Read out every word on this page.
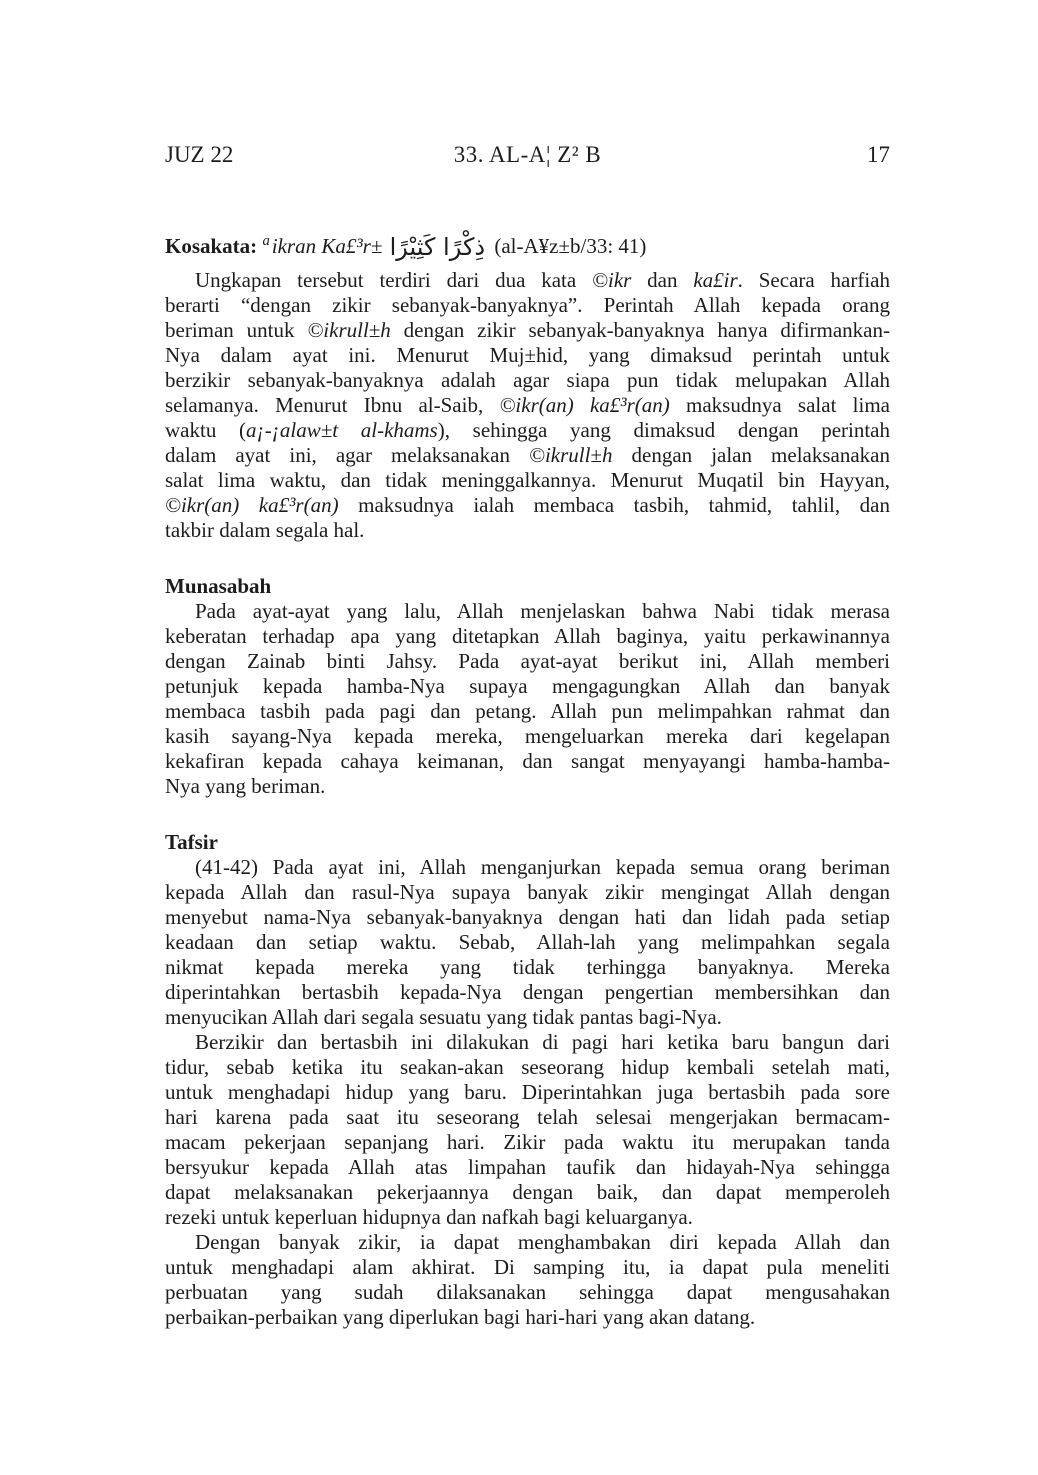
JUZ 22	33. AL-A¦ Z² B	17
Kosakata: $^a$ikran Ka£³r± ذِكْرًا كَثِيْرًا (al-A¥z±b/33: 41)
Ungkapan tersebut terdiri dari dua kata ©ikr dan ka£ir. Secara harfiah
berarti “dengan zikir sebanyak-banyaknya”. Perintah Allah kepada orang
beriman untuk ©ikrull±h dengan zikir sebanyak-banyaknya hanya difirmankan-
Nya dalam ayat ini. Menurut Muj±hid, yang dimaksud perintah untuk
berzikir sebanyak-banyaknya adalah agar siapa pun tidak melupakan Allah
selamanya. Menurut Ibnu al-Saib, ©ikr(an) ka£³r(an) maksudnya salat lima
waktu (a¡-¡alaw±t al-khams), sehingga yang dimaksud dengan perintah
dalam ayat ini, agar melaksanakan ©ikrull±h dengan jalan melaksanakan
salat lima waktu, dan tidak meninggalkannya. Menurut Muqatil bin Hayyan,
©ikr(an) ka£³r(an) maksudnya ialah membaca tasbih, tahmid, tahlil, dan
takbir dalam segala hal.
Munasabah
Pada ayat-ayat yang lalu, Allah menjelaskan bahwa Nabi tidak merasa
keberatan terhadap apa yang ditetapkan Allah baginya, yaitu perkawinannya
dengan Zainab binti Jahsy. Pada ayat-ayat berikut ini, Allah memberi
petunjuk kepada hamba-Nya supaya mengagungkan Allah dan banyak
membaca tasbih pada pagi dan petang. Allah pun melimpahkan rahmat dan
kasih sayang-Nya kepada mereka, mengeluarkan mereka dari kegelapan
kekafiran kepada cahaya keimanan, dan sangat menyayangi hamba-hamba-
Nya yang beriman.
Tafsir
(41-42) Pada ayat ini, Allah menganjurkan kepada semua orang beriman
kepada Allah dan rasul-Nya supaya banyak zikir mengingat Allah dengan
menyebut nama-Nya sebanyak-banyaknya dengan hati dan lidah pada setiap
keadaan dan setiap waktu. Sebab, Allah-lah yang melimpahkan segala
nikmat kepada mereka yang tidak terhingga banyaknya. Mereka
diperintahkan bertasbih kepada-Nya dengan pengertian membersihkan dan
menyucikan Allah dari segala sesuatu yang tidak pantas bagi-Nya.
Berzikir dan bertasbih ini dilakukan di pagi hari ketika baru bangun dari
tidur, sebab ketika itu seakan-akan seseorang hidup kembali setelah mati,
untuk menghadapi hidup yang baru. Diperintahkan juga bertasbih pada sore
hari karena pada saat itu seseorang telah selesai mengerjakan bermacam-
macam pekerjaan sepanjang hari. Zikir pada waktu itu merupakan tanda
bersyukur kepada Allah atas limpahan taufik dan hidayah-Nya sehingga
dapat melaksanakan pekerjaannya dengan baik, dan dapat memperoleh
rezeki untuk keperluan hidupnya dan nafkah bagi keluarganya.
Dengan banyak zikir, ia dapat menghambakan diri kepada Allah dan
untuk menghadapi alam akhirat. Di samping itu, ia dapat pula meneliti
perbuatan yang sudah dilaksanakan sehingga dapat mengusahakan
perbaikan-perbaikan yang diperlukan bagi hari-hari yang akan datang.
